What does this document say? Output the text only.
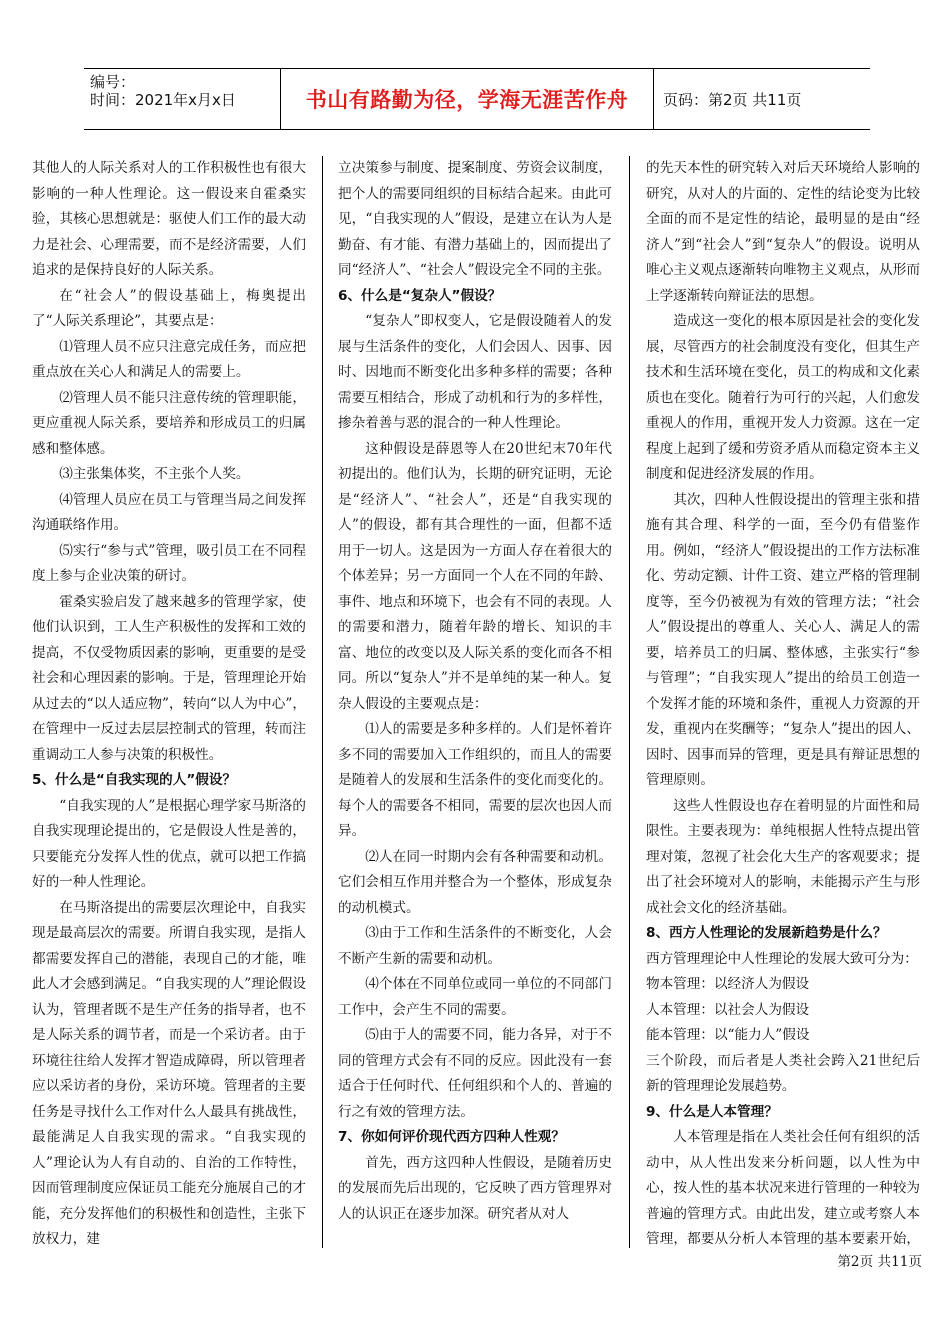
编号：
时间：2021年x月x日	书山有路勤为径，学海无涯苦作舟	页码：第2页 共11页

其他人的人际关系对人的工作积极性也有很大影响的一种人性理论。这一假设来自霍桑实验，其核心思想就是：驱使人们工作的最大动力是社会、心理需要，而不是经济需要，人们追求的是保持良好的人际关系。

在“社会人”的假设基础上，梅奥提出了“人际关系理论”，其要点是：

⑴管理人员不应只注意完成任务，而应把重点放在关心人和满足人的需要上。

⑵管理人员不能只注意传统的管理职能，更应重视人际关系，要培养和形成员工的归属感和整体感。

⑶主张集体奖，不主张个人奖。

⑷管理人员应在员工与管理当局之间发挥沟通联络作用。

⑸实行“参与式”管理，吸引员工在不同程度上参与企业决策的研讨。

霍桑实验启发了越来越多的管理学家，使他们认识到，工人生产积极性的发挥和工效的提高，不仅受物质因素的影响，更重要的是受社会和心理因素的影响。于是，管理理论开始从过去的“以人适应物”，转向“以人为中心”，在管理中一反过去层层控制式的管理，转而注重调动工人参与决策的积极性。

5、什么是“自我实现的人”假设？

“自我实现的人”是根据心理学家马斯洛的自我实现理论提出的，它是假设人性是善的，只要能充分发挥人性的优点，就可以把工作搞好的一种人性理论。

在马斯洛提出的需要层次理论中，自我实现是最高层次的需要。所谓自我实现，是指人都需要发挥自己的潜能，表现自己的才能，唯此人才会感到满足。“自我实现的人”理论假设认为，管理者既不是生产任务的指导者，也不是人际关系的调节者，而是一个采访者。由于环境往往给人发挥才智造成障碍，所以管理者应以采访者的身份，采访环境。管理者的主要任务是寻找什么工作对什么人最具有挑战性，最能满足人自我实现的需求。“自我实现的人”理论认为人有自动的、自治的工作特性，因而管理制度应保证员工能充分施展自己的才能，充分发挥他们的积极性和创造性，主张下放权力，建

立决策参与制度、提案制度、劳资会议制度，把个人的需要同组织的目标结合起来。由此可见，“自我实现的人”假设，是建立在认为人是勤奋、有才能、有潜力基础上的，因而提出了同“经济人”、“社会人”假设完全不同的主张。

6、什么是“复杂人”假设？

“复杂人”即权变人，它是假设随着人的发展与生活条件的变化，人们会因人、因事、因时、因地而不断变化出多种多样的需要；各种需要互相结合，形成了动机和行为的多样性，掺杂着善与恶的混合的一种人性理论。

这种假设是薛恩等人在20世纪末70年代初提出的。他们认为，长期的研究证明，无论是“经济人”、“社会人”，还是“自我实现的人”的假设，都有其合理性的一面，但都不适用于一切人。这是因为一方面人存在着很大的个体差异；另一方面同一个人在不同的年龄、事件、地点和环境下，也会有不同的表现。人的需要和潜力，随着年龄的增长、知识的丰富、地位的改变以及人际关系的变化而各不相同。所以“复杂人”并不是单纯的某一种人。复杂人假设的主要观点是：

⑴人的需要是多种多样的。人们是怀着许多不同的需要加入工作组织的，而且人的需要是随着人的发展和生活条件的变化而变化的。每个人的需要各不相同，需要的层次也因人而异。

⑵人在同一时期内会有各种需要和动机。它们会相互作用并整合为一个整体，形成复杂的动机模式。

⑶由于工作和生活条件的不断变化，人会不断产生新的需要和动机。

⑷个体在不同单位或同一单位的不同部门工作中，会产生不同的需要。

⑸由于人的需要不同，能力各异，对于不同的管理方式会有不同的反应。因此没有一套适合于任何时代、任何组织和个人的、普遍的行之有效的管理方法。

7、你如何评价现代西方四种人性观？

首先，西方这四种人性假设，是随着历史的发展而先后出现的，它反映了西方管理界对人的认识正在逐步加深。研究者从对人

的先天本性的研究转入对后天环境给人影响的研究，从对人的片面的、定性的结论变为比较全面的而不是定性的结论，最明显的是由“经济人”到“社会人”到“复杂人”的假设。说明从唯心主义观点逐渐转向唯物主义观点，从形而上学逐渐转向辩证法的思想。

造成这一变化的根本原因是社会的变化发展，尽管西方的社会制度没有变化，但其生产技术和生活环境在变化，员工的构成和文化素质也在变化。随着行为可行的兴起，人们愈发重视人的作用，重视开发人力资源。这在一定程度上起到了缓和劳资矛盾从而稳定资本主义制度和促进经济发展的作用。

其次，四种人性假设提出的管理主张和措施有其合理、科学的一面，至今仍有借鉴作用。例如，“经济人”假设提出的工作方法标准化、劳动定额、计件工资、建立严格的管理制度等，至今仍被视为有效的管理方法；“社会人”假设提出的尊重人、关心人、满足人的需要，培养员工的归属、整体感，主张实行“参与管理”；“自我实现人”提出的给员工创造一个发挥才能的环境和条件，重视人力资源的开发，重视内在奖酬等；“复杂人”提出的因人、因时、因事而异的管理，更是具有辩证思想的管理原则。

这些人性假设也存在着明显的片面性和局限性。主要表现为：单纯根据人性特点提出管理对策，忽视了社会化大生产的客观要求；提出了社会环境对人的影响，未能揭示产生与形成社会文化的经济基础。

8、西方人性理论的发展新趋势是什么？

西方管理理论中人性理论的发展大致可分为：

物本管理：以经济人为假设

人本管理：以社会人为假设

能本管理：以“能力人”假设

三个阶段，而后者是人类社会跨入21世纪后新的管理理论发展趋势。

9、什么是人本管理？

人本管理是指在人类社会任何有组织的活动中，从人性出发来分析问题，以人性为中心，按人性的基本状况来进行管理的一种较为普遍的管理方式。由此出发，建立或考察人本管理，都要从分析人本管理的基本要素开始，

第2页 共11页
